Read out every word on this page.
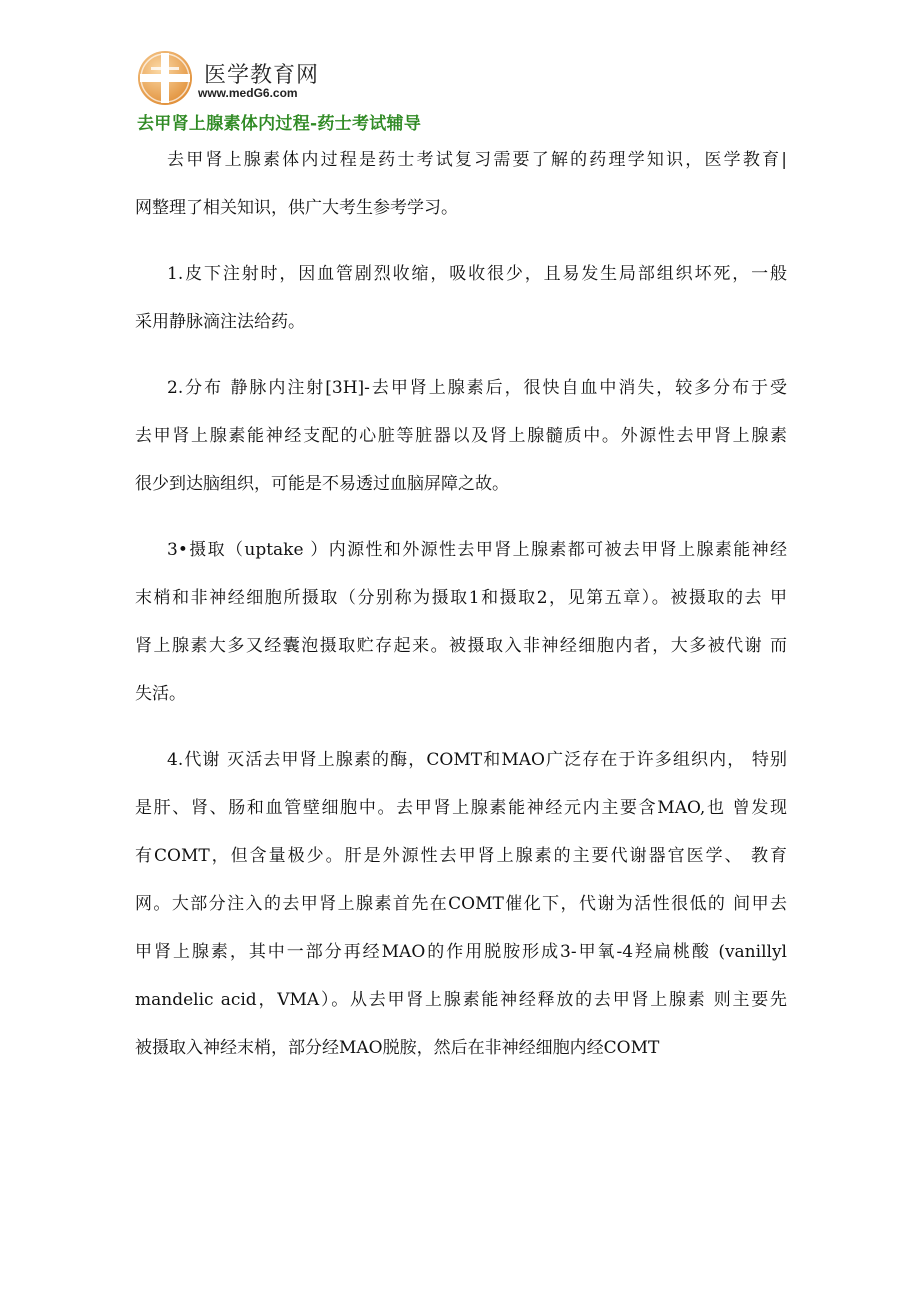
医学教育网
www.medG6.com
去甲肾上腺素体内过程-药士考试辅导
去甲肾上腺素体内过程是药士考试复习需要了解的药理学知识，医学教育|
网整理了相关知识，供广大考生参考学习。
1.皮下注射时，因血管剧烈收缩，吸收很少，且易发生局部组织坏死，一般
采用静脉滴注法给药。
2.分布 静脉内注射[3H]-去甲肾上腺素后，很快自血中消失，较多分布于受
去甲肾上腺素能神经支配的心脏等脏器以及肾上腺髓质中。外源性去甲肾上腺素
很少到达脑组织，可能是不易透过血脑屏障之故。
3•摄取（uptake ）内源性和外源性去甲肾上腺素都可被去甲肾上腺素能神经
末梢和非神经细胞所摄取（分别称为摄取1和摄取2，见第五章）。被摄取的去 甲
肾上腺素大多又经囊泡摄取贮存起来。被摄取入非神经细胞内者，大多被代谢 而
失活。
4.代谢 灭活去甲肾上腺素的酶，COMT和MAO广泛存在于许多组织内， 特别
是肝、肾、肠和血管壁细胞中。去甲肾上腺素能神经元内主要含MAO,也 曾发现
有COMT，但含量极少。肝是外源性去甲肾上腺素的主要代谢器官医学、 教育
网。大部分注入的去甲肾上腺素首先在COMT催化下，代谢为活性很低的 间甲去
甲肾上腺素，其中一部分再经MAO的作用脱胺形成3-甲氧-4羟扁桃酸 (vanillyl
mandelic acid，VMA）。从去甲肾上腺素能神经释放的去甲肾上腺素 则主要先
被摄取入神经末梢，部分经MAO脱胺，然后在非神经细胞内经COMT
